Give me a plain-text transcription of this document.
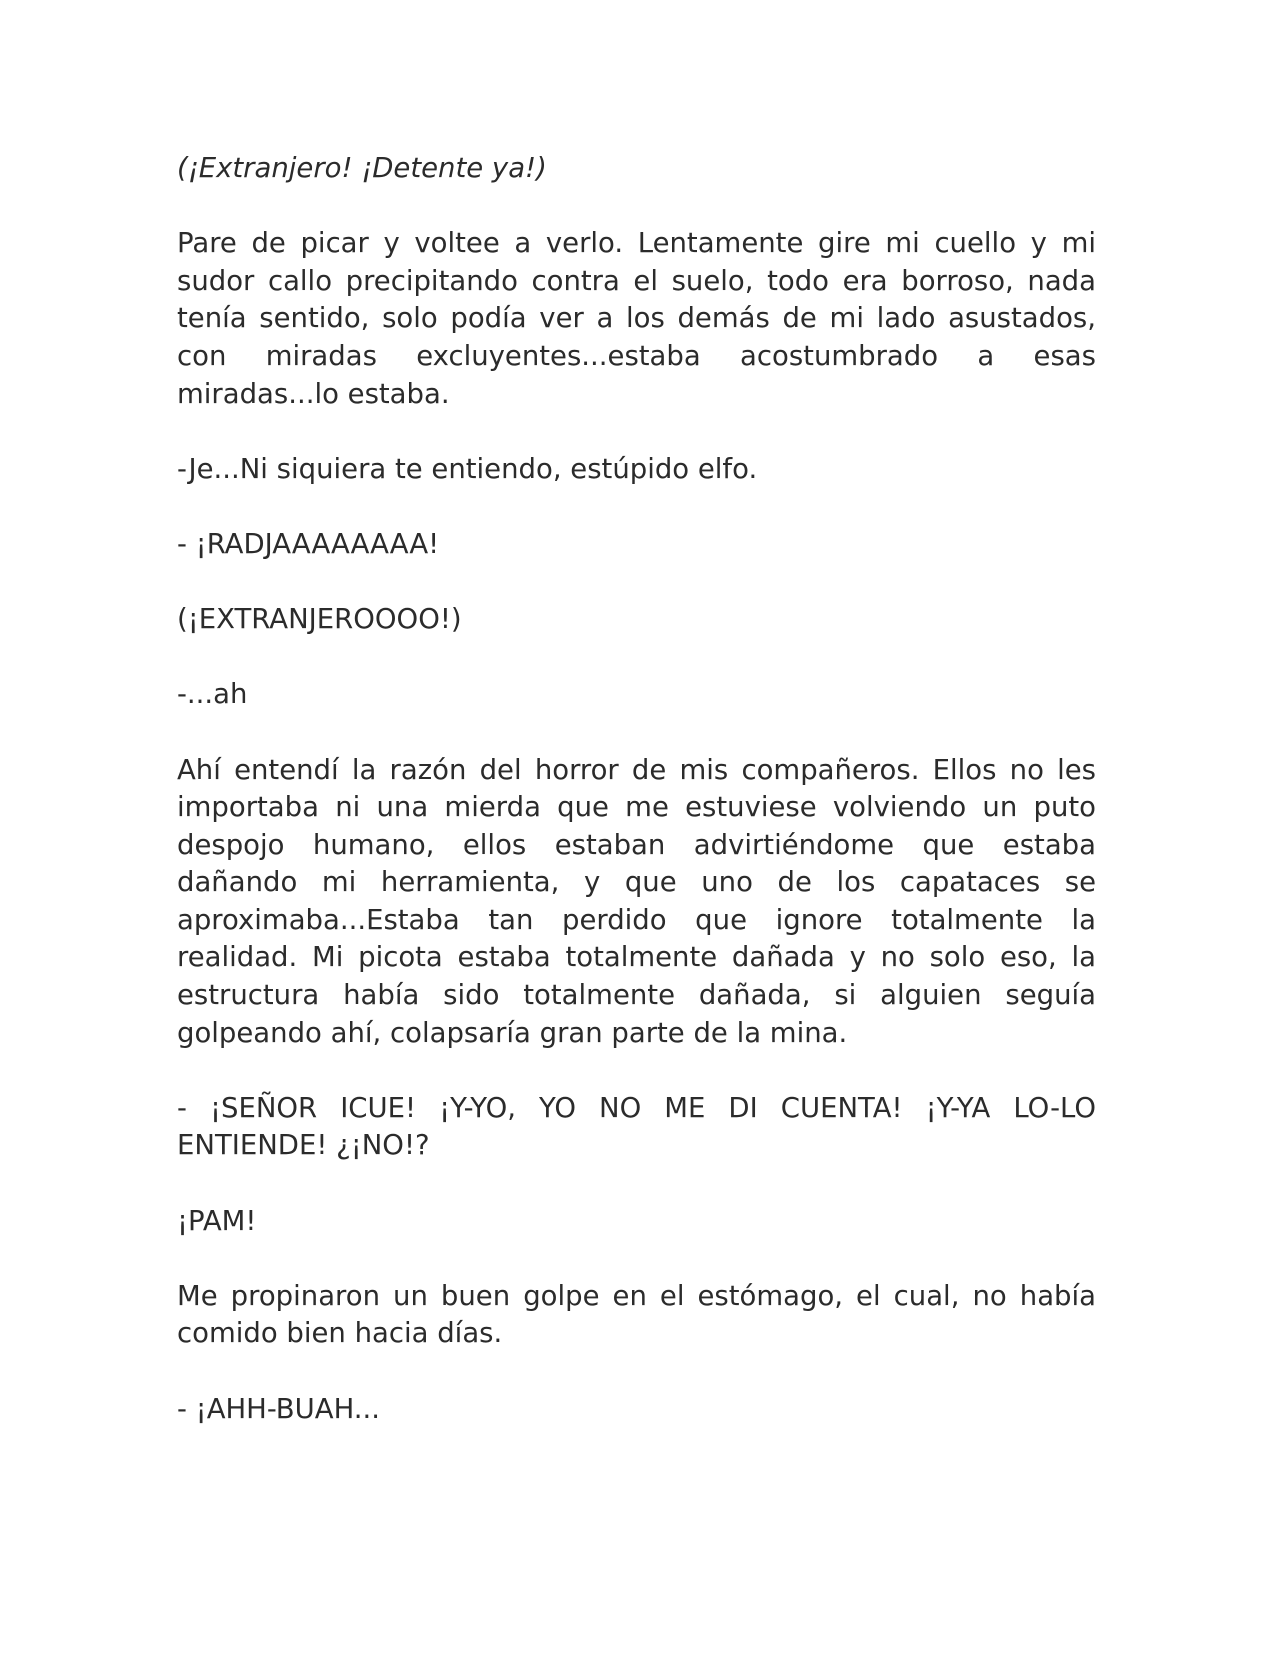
(¡Extranjero! ¡Detente ya!)

Pare de picar y voltee a verlo. Lentamente gire mi cuello y mi sudor callo precipitando contra el suelo, todo era borroso, nada tenía sentido, solo podía ver a los demás de mi lado asustados, con miradas excluyentes...estaba acostumbrado a esas miradas...lo estaba.

-Je...Ni siquiera te entiendo, estúpido elfo.

- ¡RADJAAAAAAAA!

(¡EXTRANJEROOOO!)

-...ah

Ahí entendí la razón del horror de mis compañeros. Ellos no les importaba ni una mierda que me estuviese volviendo un puto despojo humano, ellos estaban advirtiéndome que estaba dañando mi herramienta, y que uno de los capataces se aproximaba...Estaba tan perdido que ignore totalmente la realidad. Mi picota estaba totalmente dañada y no solo eso, la estructura había sido totalmente dañada, si alguien seguía golpeando ahí, colapsaría gran parte de la mina.

- ¡SEÑOR ICUE! ¡Y-YO, YO NO ME DI CUENTA! ¡Y-YA LO-LO ENTIENDE! ¿¡NO!?

¡PAM!

Me propinaron un buen golpe en el estómago, el cual, no había comido bien hacia días.

- ¡AHH-BUAH...
